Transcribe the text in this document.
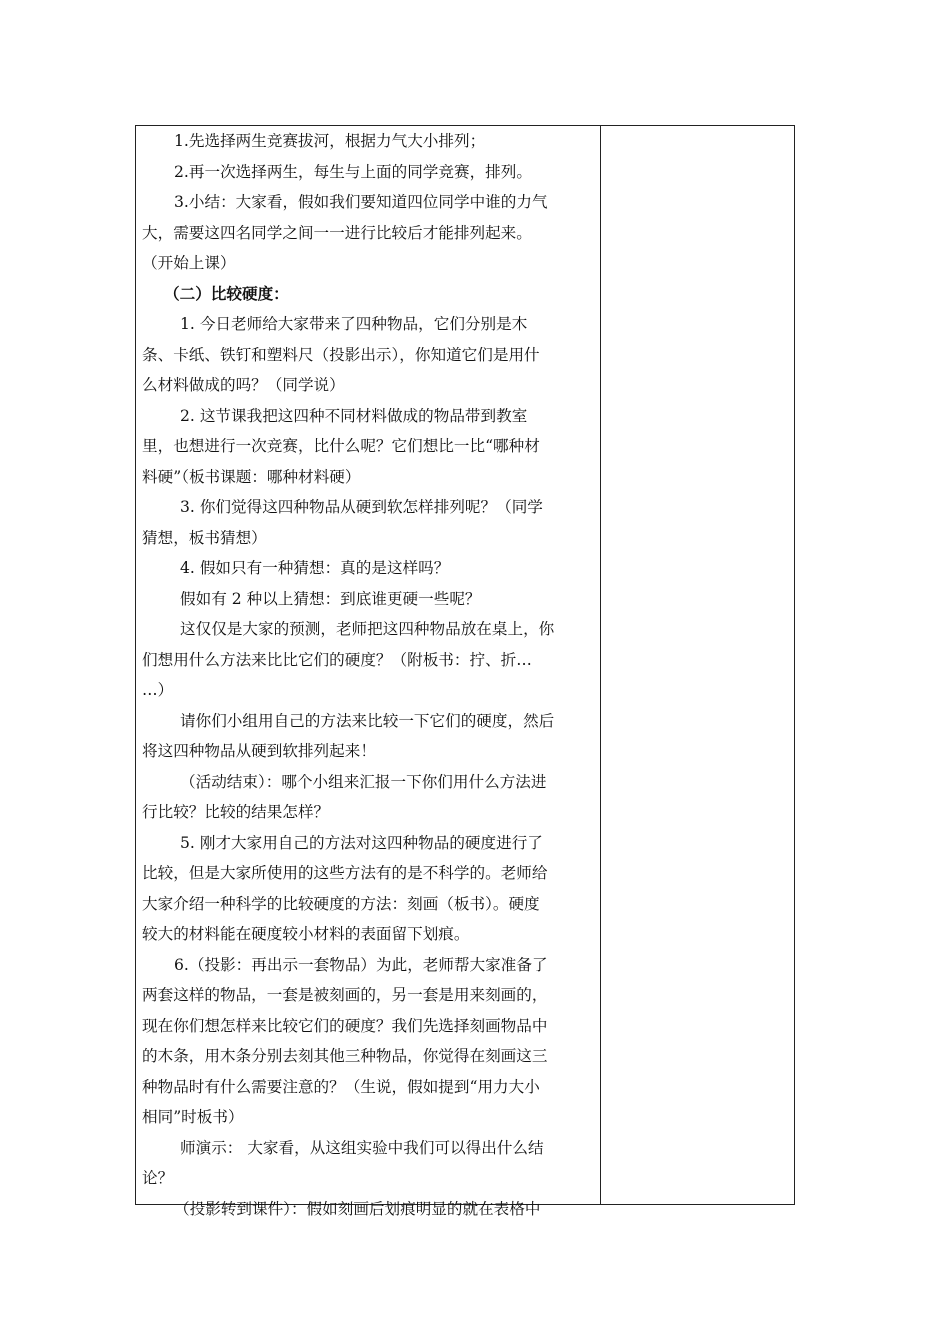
1.先选择两生竞赛拔河，根据力气大小排列；

2.再一次选择两生，每生与上面的同学竞赛，排列。

3.小结：大家看，假如我们要知道四位同学中谁的力气

大，需要这四名同学之间一一进行比较后才能排列起来。

（开始上课）

（二）比较硬度：

1. 今日老师给大家带来了四种物品，它们分别是木

条、卡纸、铁钉和塑料尺（投影出示），你知道它们是用什

么材料做成的吗？（同学说）

2. 这节课我把这四种不同材料做成的物品带到教室

里，也想进行一次竞赛，比什么呢？它们想比一比“哪种材

料硬”（板书课题：哪种材料硬）

3. 你们觉得这四种物品从硬到软怎样排列呢？（同学

猜想，板书猜想）

4. 假如只有一种猜想：真的是这样吗？

假如有 2 种以上猜想：到底谁更硬一些呢？

这仅仅是大家的预测，老师把这四种物品放在桌上，你

们想用什么方法来比比它们的硬度？（附板书：拧、折…

…）

请你们小组用自己的方法来比较一下它们的硬度，然后

将这四种物品从硬到软排列起来！

（活动结束）：哪个小组来汇报一下你们用什么方法进

行比较？比较的结果怎样？

5. 刚才大家用自己的方法对这四种物品的硬度进行了

比较，但是大家所使用的这些方法有的是不科学的。老师给

大家介绍一种科学的比较硬度的方法：刻画（板书）。硬度

较大的材料能在硬度较小材料的表面留下划痕。

6.（投影：再出示一套物品）为此，老师帮大家准备了

两套这样的物品，一套是被刻画的，另一套是用来刻画的，

现在你们想怎样来比较它们的硬度？我们先选择刻画物品中

的木条，用木条分别去刻其他三种物品，你觉得在刻画这三

种物品时有什么需要注意的？（生说，假如提到“用力大小

相同”时板书）

师演示： 大家看，从这组实验中我们可以得出什么结

论？

（投影转到课件）：假如刻画后划痕明显的就在表格中
